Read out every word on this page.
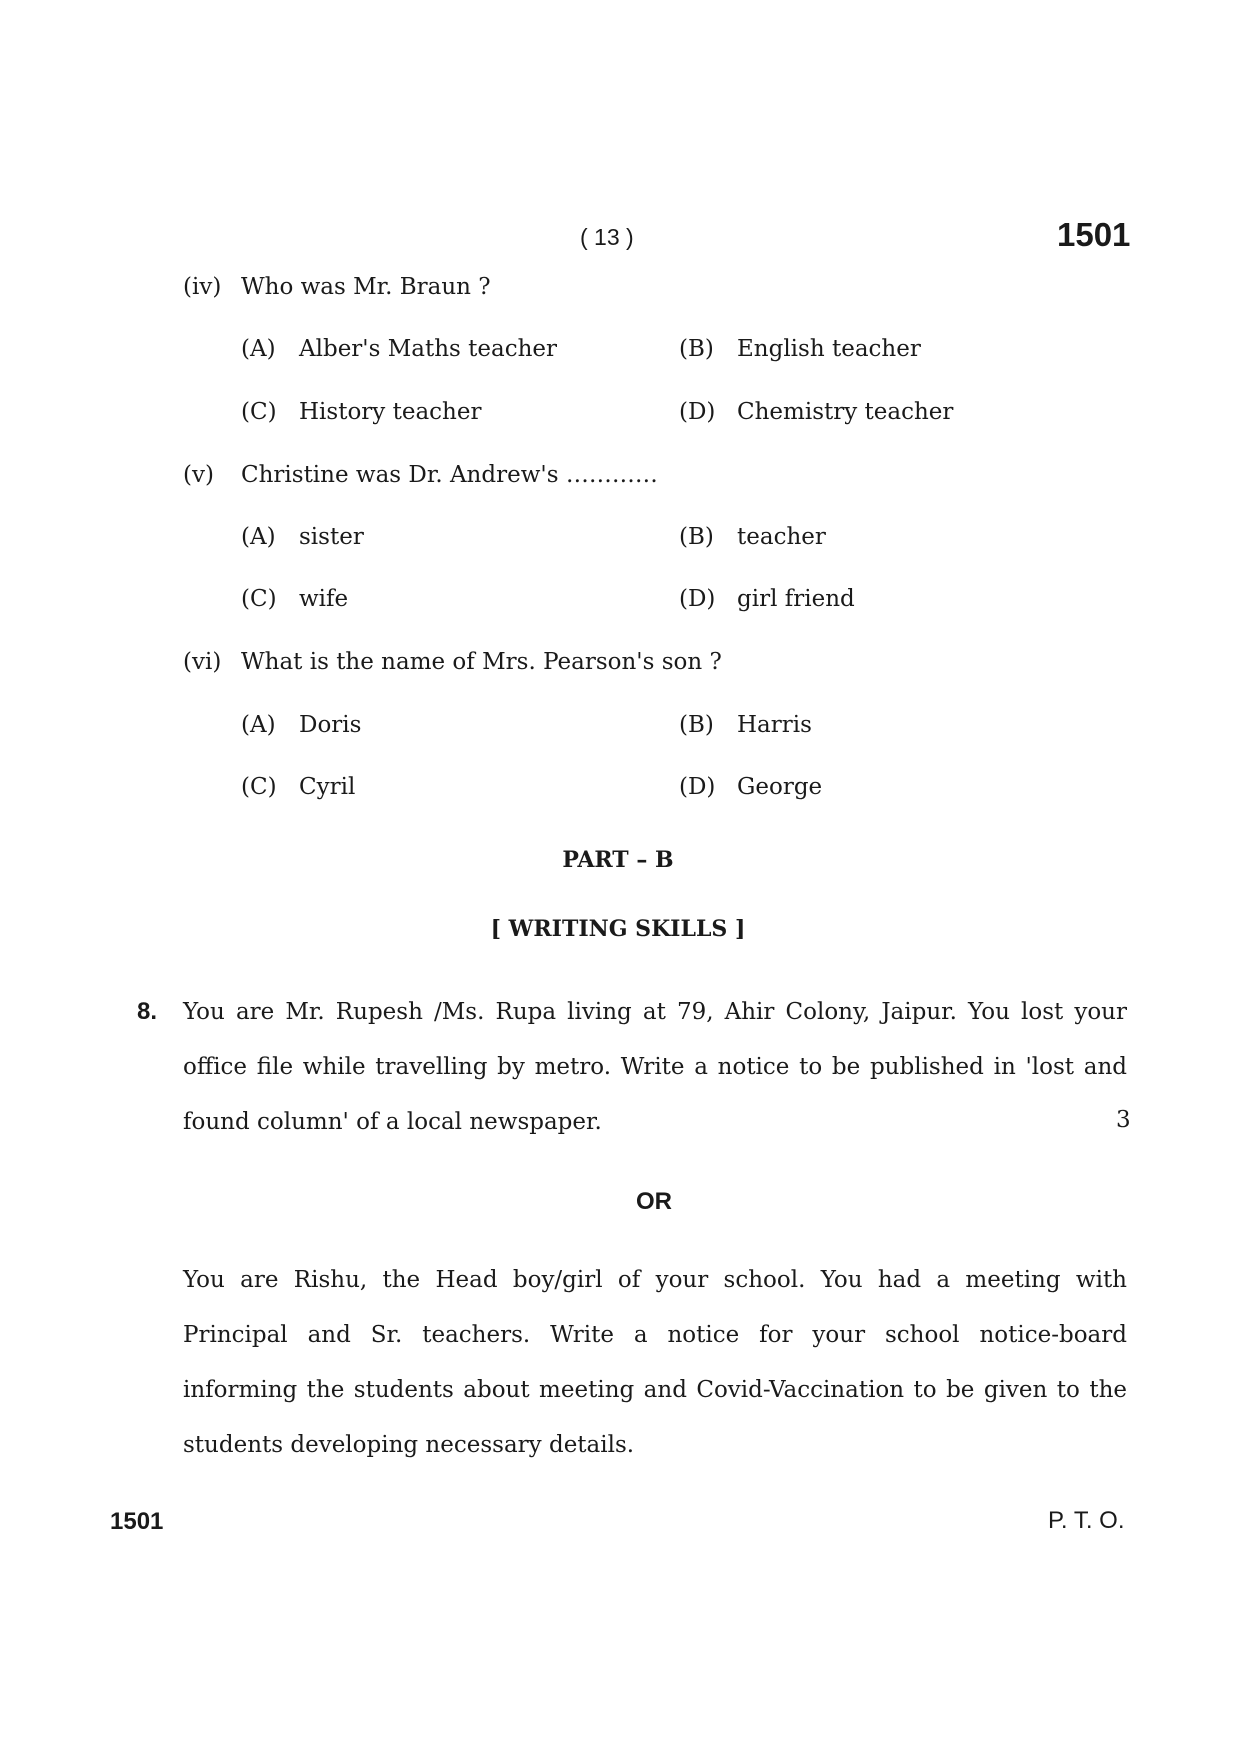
( 13 )	1501
(iv) Who was Mr. Braun ?
(A) Alber's Maths teacher	(B) English teacher
(C) History teacher	(D) Chemistry teacher
(v) Christine was Dr. Andrew's …………
(A) sister	(B) teacher
(C) wife	(D) girl friend
(vi) What is the name of Mrs. Pearson's son ?
(A) Doris	(B) Harris
(C) Cyril	(D) George
PART – B
[ WRITING SKILLS ]
8. You are Mr. Rupesh /Ms. Rupa living at 79, Ahir Colony, Jaipur. You lost your
office file while travelling by metro. Write a notice to be published in 'lost and
found column' of a local newspaper.	3
OR
You are Rishu, the Head boy/girl of your school. You had a meeting with
Principal and Sr. teachers. Write a notice for your school notice-board
informing the students about meeting and Covid-Vaccination to be given to the
students developing necessary details.
1501	P. T. O.
